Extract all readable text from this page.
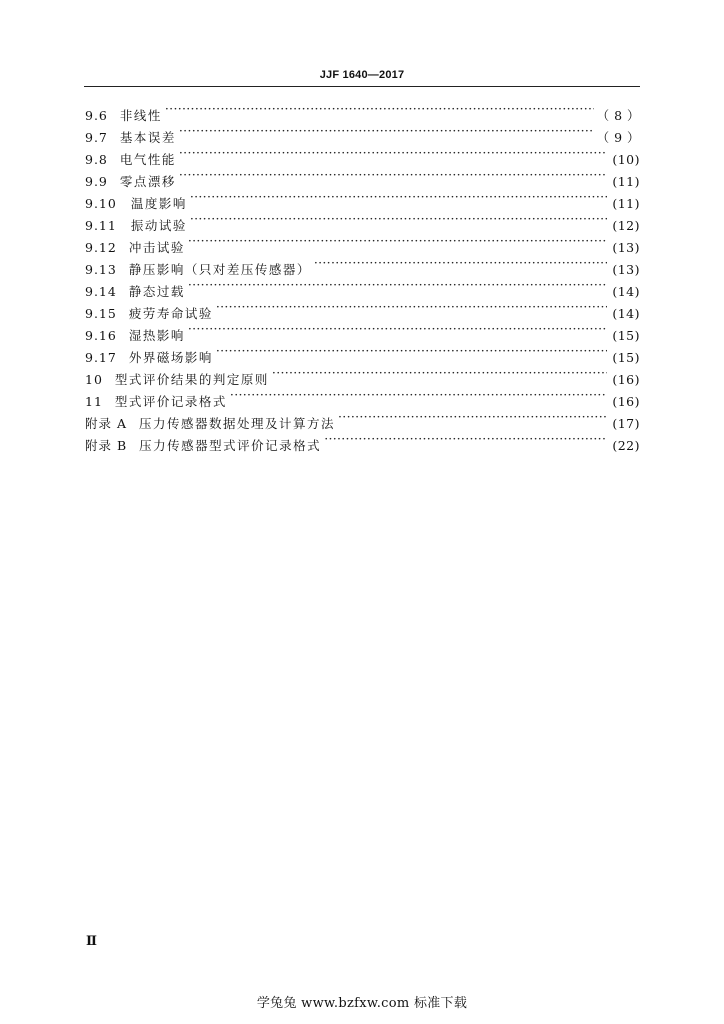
JJF 1640—2017
9.6 非线性 ·····	（ 8 ）
9.7 基本误差 ·····	（ 9 ）
9.8 电气性能 ·····	(10)
9.9 零点漂移 ·····	(11)
9.10 温度影响 ·····	(11)
9.11 振动试验 ·····	(12)
9.12 冲击试验 ·····	(13)
9.13 静压影响（只对差压传感器） ·····	(13)
9.14 静态过载 ·····	(14)
9.15 疲劳寿命试验 ·····	(14)
9.16 湿热影响 ·····	(15)
9.17 外界磁场影响 ·····	(15)
10 型式评价结果的判定原则 ·····	(16)
11 型式评价记录格式 ·····	(16)
附录 A 压力传感器数据处理及计算方法 ·····	(17)
附录 B 压力传感器型式评价记录格式 ·····	(22)
Ⅱ
学兔兔 www.bzfxw.com 标准下载
